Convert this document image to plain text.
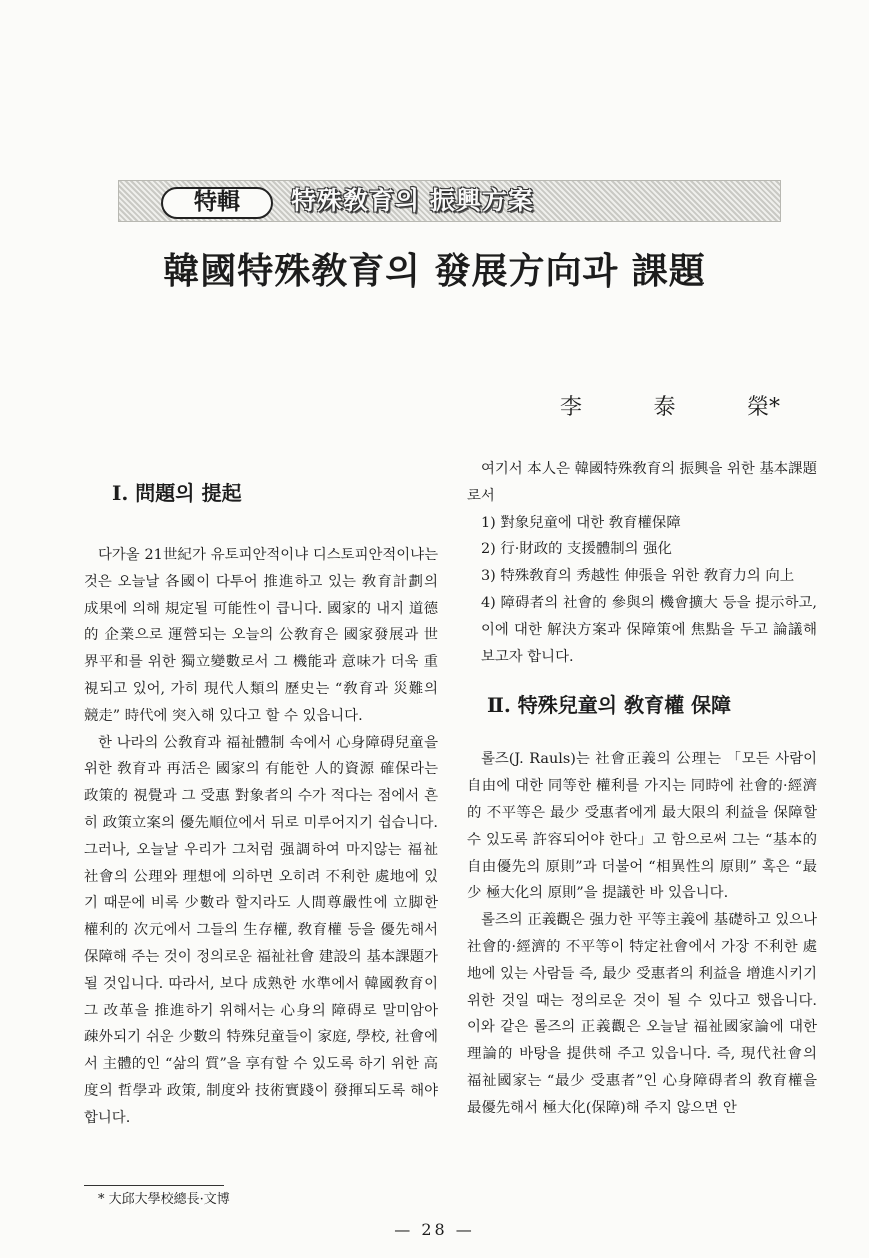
特輯	特殊敎育의 振興方案
韓國特殊敎育의 發展方向과 課題
李	泰	榮*
Ⅰ. 問題의 提起

다가올 21世紀가 유토피안적이냐 디스토피안적이냐는 것은 오늘날 各國이 다투어 推進하고 있는 敎育計劃의 成果에 의해 規定될 可能性이 큽니다. 國家的 내지 道德的 企業으로 運營되는 오늘의 公敎育은 國家發展과 世界平和를 위한 獨立變數로서 그 機能과 意味가 더욱 重視되고 있어, 가히 現代人類의 歷史는 “敎育과 災難의 競走” 時代에 突入해 있다고 할 수 있읍니다.

한 나라의 公敎育과 福祉體制 속에서 心身障碍兒童을 위한 敎育과 再活은 國家의 有能한 人的資源 確保라는 政策的 視覺과 그 受惠 對象者의 수가 적다는 점에서 흔히 政策立案의 優先順位에서 뒤로 미루어지기 쉽습니다. 그러나, 오늘날 우리가 그처럼 强調하여 마지않는 福祉社會의 公理와 理想에 의하면 오히려 不利한 處地에 있기 때문에 비록 少數라 할지라도 人間尊嚴性에 立脚한 權利的 次元에서 그들의 生存權, 敎育權 등을 優先해서 保障해 주는 것이 정의로운 福祉社會 建設의 基本課題가 될 것입니다. 따라서, 보다 成熟한 水準에서 韓國敎育이 그 改革을 推進하기 위해서는 心身의 障碍로 말미암아 疎外되기 쉬운 少數의 特殊兒童들이 家庭, 學校, 社會에서 主體的인 “삶의 質”을 享有할 수 있도록 하기 위한 高度의 哲學과 政策, 制度와 技術實踐이 發揮되도록 해야 합니다.

여기서 本人은 韓國特殊敎育의 振興을 위한 基本課題로서

1) 對象兒童에 대한 敎育權保障
2) 行·財政的 支援體制의 强化
3) 特殊敎育의 秀越性 伸張을 위한 敎育力의 向上
4) 障碍者의 社會的 參與의 機會擴大 등을 提示하고, 이에 대한 解決方案과 保障策에 焦點을 두고 論議해 보고자 합니다.
Ⅱ. 特殊兒童의 敎育權 保障

롤즈(J. Rauls)는 社會正義의 公理는 「모든 사람이 自由에 대한 同等한 權利를 가지는 同時에 社會的·經濟的 不平等은 最少 受惠者에게 最大限의 利益을 保障할 수 있도록 許容되어야 한다」고 함으로써 그는 “基本的 自由優先의 原則”과 더불어 “相異性의 原則” 혹은 “最少 極大化의 原則”을 提議한 바 있읍니다.

롤즈의 正義觀은 强力한 平等主義에 基礎하고 있으나 社會的·經濟的 不平等이 特定社會에서 가장 不利한 處地에 있는 사람들 즉, 最少 受惠者의 利益을 增進시키기 위한 것일 때는 정의로운 것이 될 수 있다고 했읍니다. 이와 같은 롤즈의 正義觀은 오늘날 福祉國家論에 대한 理論的 바탕을 提供해 주고 있읍니다. 즉, 現代社會의 福祉國家는 “最少 受惠者”인 心身障碍者의 敎育權을 最優先해서 極大化(保障)해 주지 않으면 안

* 大邱大學校總長·文博
— 28 —
